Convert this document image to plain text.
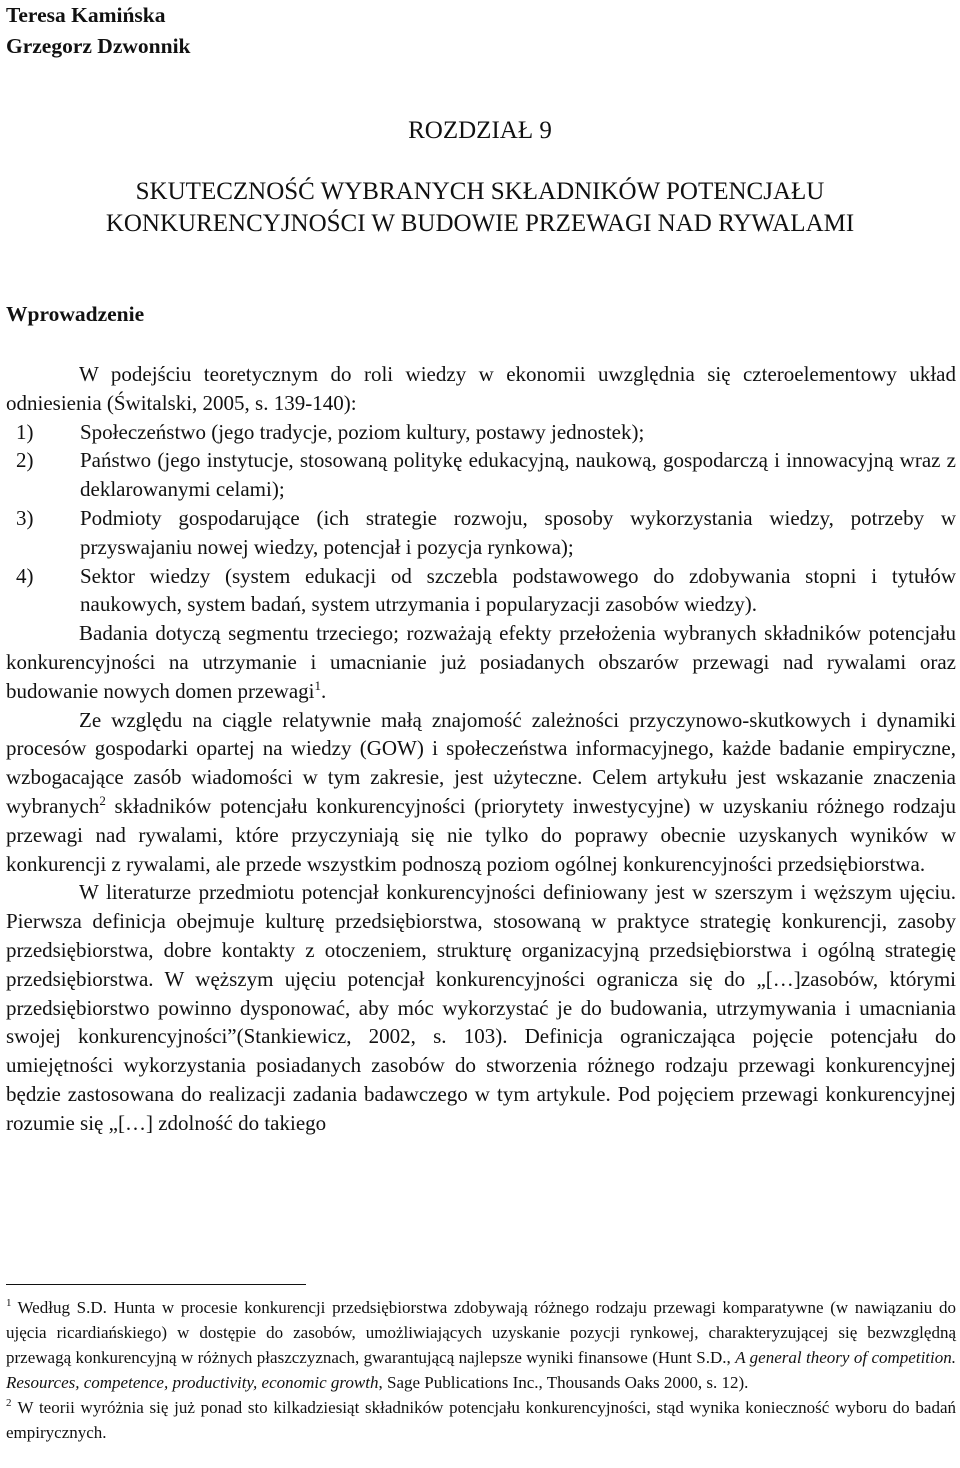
Teresa Kamińska
Grzegorz Dzwonnik
ROZDZIAŁ 9
SKUTECZNOŚĆ WYBRANYCH SKŁADNIKÓW POTENCJAŁU
KONKURENCYJNOŚCI W BUDOWIE PRZEWAGI NAD RYWALAMI
Wprowadzenie

W podejściu teoretycznym do roli wiedzy w ekonomii uwzględnia się czteroelementowy układ odniesienia (Świtalski, 2005, s. 139-140):

1) Społeczeństwo (jego tradycje, poziom kultury, postawy jednostek);
2) Państwo (jego instytucje, stosowaną politykę edukacyjną, naukową, gospodarczą i innowacyjną wraz z deklarowanymi celami);
3) Podmioty gospodarujące (ich strategie rozwoju, sposoby wykorzystania wiedzy, potrzeby w przyswajaniu nowej wiedzy, potencjał i pozycja rynkowa);
4) Sektor wiedzy (system edukacji od szczebla podstawowego do zdobywania stopni i tytułów naukowych, system badań, system utrzymania i popularyzacji zasobów wiedzy).

Badania dotyczą segmentu trzeciego; rozważają efekty przełożenia wybranych składników potencjału konkurencyjności na utrzymanie i umacnianie już posiadanych obszarów przewagi nad rywalami oraz budowanie nowych domen przewagi$^1$.

Ze względu na ciągle relatywnie małą znajomość zależności przyczynowo-skutkowych i dynamiki procesów gospodarki opartej na wiedzy (GOW) i społeczeństwa informacyjnego, każde badanie empiryczne, wzbogacające zasób wiadomości w tym zakresie, jest użyteczne. Celem artykułu jest wskazanie znaczenia wybranych$^2$ składników potencjału konkurencyjności (priorytety inwestycyjne) w uzyskaniu różnego rodzaju przewagi nad rywalami, które przyczyniają się nie tylko do poprawy obecnie uzyskanych wyników w konkurencji z rywalami, ale przede wszystkim podnoszą poziom ogólnej konkurencyjności przedsiębiorstwa.

W literaturze przedmiotu potencjał konkurencyjności definiowany jest w szerszym i węższym ujęciu. Pierwsza definicja obejmuje kulturę przedsiębiorstwa, stosowaną w praktyce strategię konkurencji, zasoby przedsiębiorstwa, dobre kontakty z otoczeniem, strukturę organizacyjną przedsiębiorstwa i ogólną strategię przedsiębiorstwa. W węższym ujęciu potencjał konkurencyjności ogranicza się do „[…]zasobów, którymi przedsiębiorstwo powinno dysponować, aby móc wykorzystać je do budowania, utrzymywania i umacniania swojej konkurencyjności”(Stankiewicz, 2002, s. 103). Definicja ograniczająca pojęcie potencjału do umiejętności wykorzystania posiadanych zasobów do stworzenia różnego rodzaju przewagi konkurencyjnej będzie zastosowana do realizacji zadania badawczego w tym artykule. Pod pojęciem przewagi konkurencyjnej rozumie się „[…] zdolność do takiego

$^1$ Według S.D. Hunta w procesie konkurencji przedsiębiorstwa zdobywają różnego rodzaju przewagi komparatywne (w nawiązaniu do ujęcia ricardiańskiego) w dostępie do zasobów, umożliwiających uzyskanie pozycji rynkowej, charakteryzującej się bezwzględną przewagą konkurencyjną w różnych płaszczyznach, gwarantującą najlepsze wyniki finansowe (Hunt S.D., A general theory of competition. Resources, competence, productivity, economic growth, Sage Publications Inc., Thousands Oaks 2000, s. 12).

$^2$ W teorii wyróżnia się już ponad sto kilkadziesiąt składników potencjału konkurencyjności, stąd wynika konieczność wyboru do badań empirycznych.
